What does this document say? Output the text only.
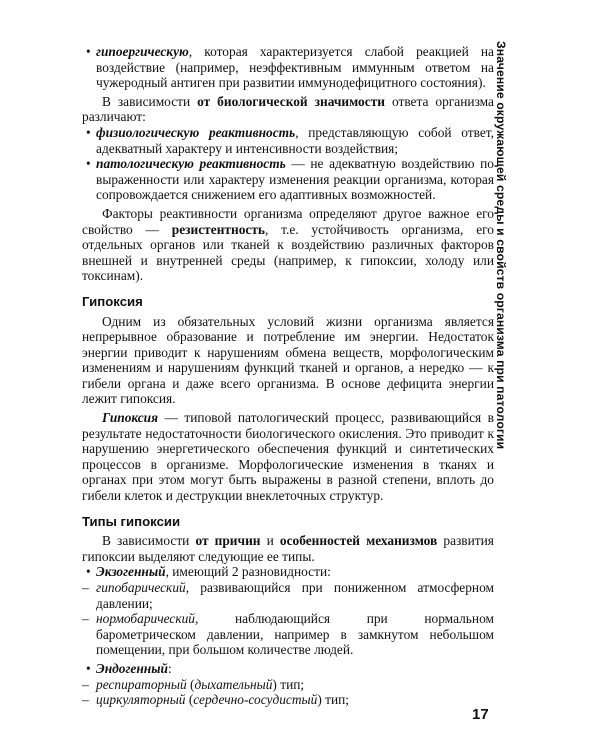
Значение окружающей среды и свойств организма при патологии

• гипоергическую, которая характеризуется слабой реакцией на воздействие (например, неэффективным иммунным ответом на чужеродный антиген при развитии иммунодефицитного состояния).

В зависимости от биологической значимости ответа организма различают:

• физиологическую реактивность, представляющую собой ответ, адекватный характеру и интенсивности воздействия;

• патологическую реактивность — не адекватную воздействию по выраженности или характеру изменения реакции организма, которая сопровождается снижением его адаптивных возможностей.

Факторы реактивности организма определяют другое важное его свойство — резистентность, т.е. устойчивость организма, его отдельных органов или тканей к воздействию различных факторов внешней и внутренней среды (например, к гипоксии, холоду или токсинам).

Гипоксия

Одним из обязательных условий жизни организма является непрерывное образование и потребление им энергии. Недостаток энергии приводит к нарушениям обмена веществ, морфологическим изменениям и нарушениям функций тканей и органов, а нередко — к гибели органа и даже всего организма. В основе дефицита энергии лежит гипоксия.

Гипоксия — типовой патологический процесс, развивающийся в результате недостаточности биологического окисления. Это приводит к нарушению энергетического обеспечения функций и синтетических процессов в организме. Морфологические изменения в тканях и органах при этом могут быть выражены в разной степени, вплоть до гибели клеток и деструкции внеклеточных структур.

Типы гипоксии

В зависимости от причин и особенностей механизмов развития гипоксии выделяют следующие ее типы.

• Экзогенный, имеющий 2 разновидности:

– гипобарический, развивающийся при пониженном атмосферном давлении;

– нормобарический, наблюдающийся при нормальном барометрическом давлении, например в замкнутом небольшом помещении, при большом количестве людей.

• Эндогенный:

– респираторный (дыхательный) тип;

– циркуляторный (сердечно-сосудистый) тип;

17
